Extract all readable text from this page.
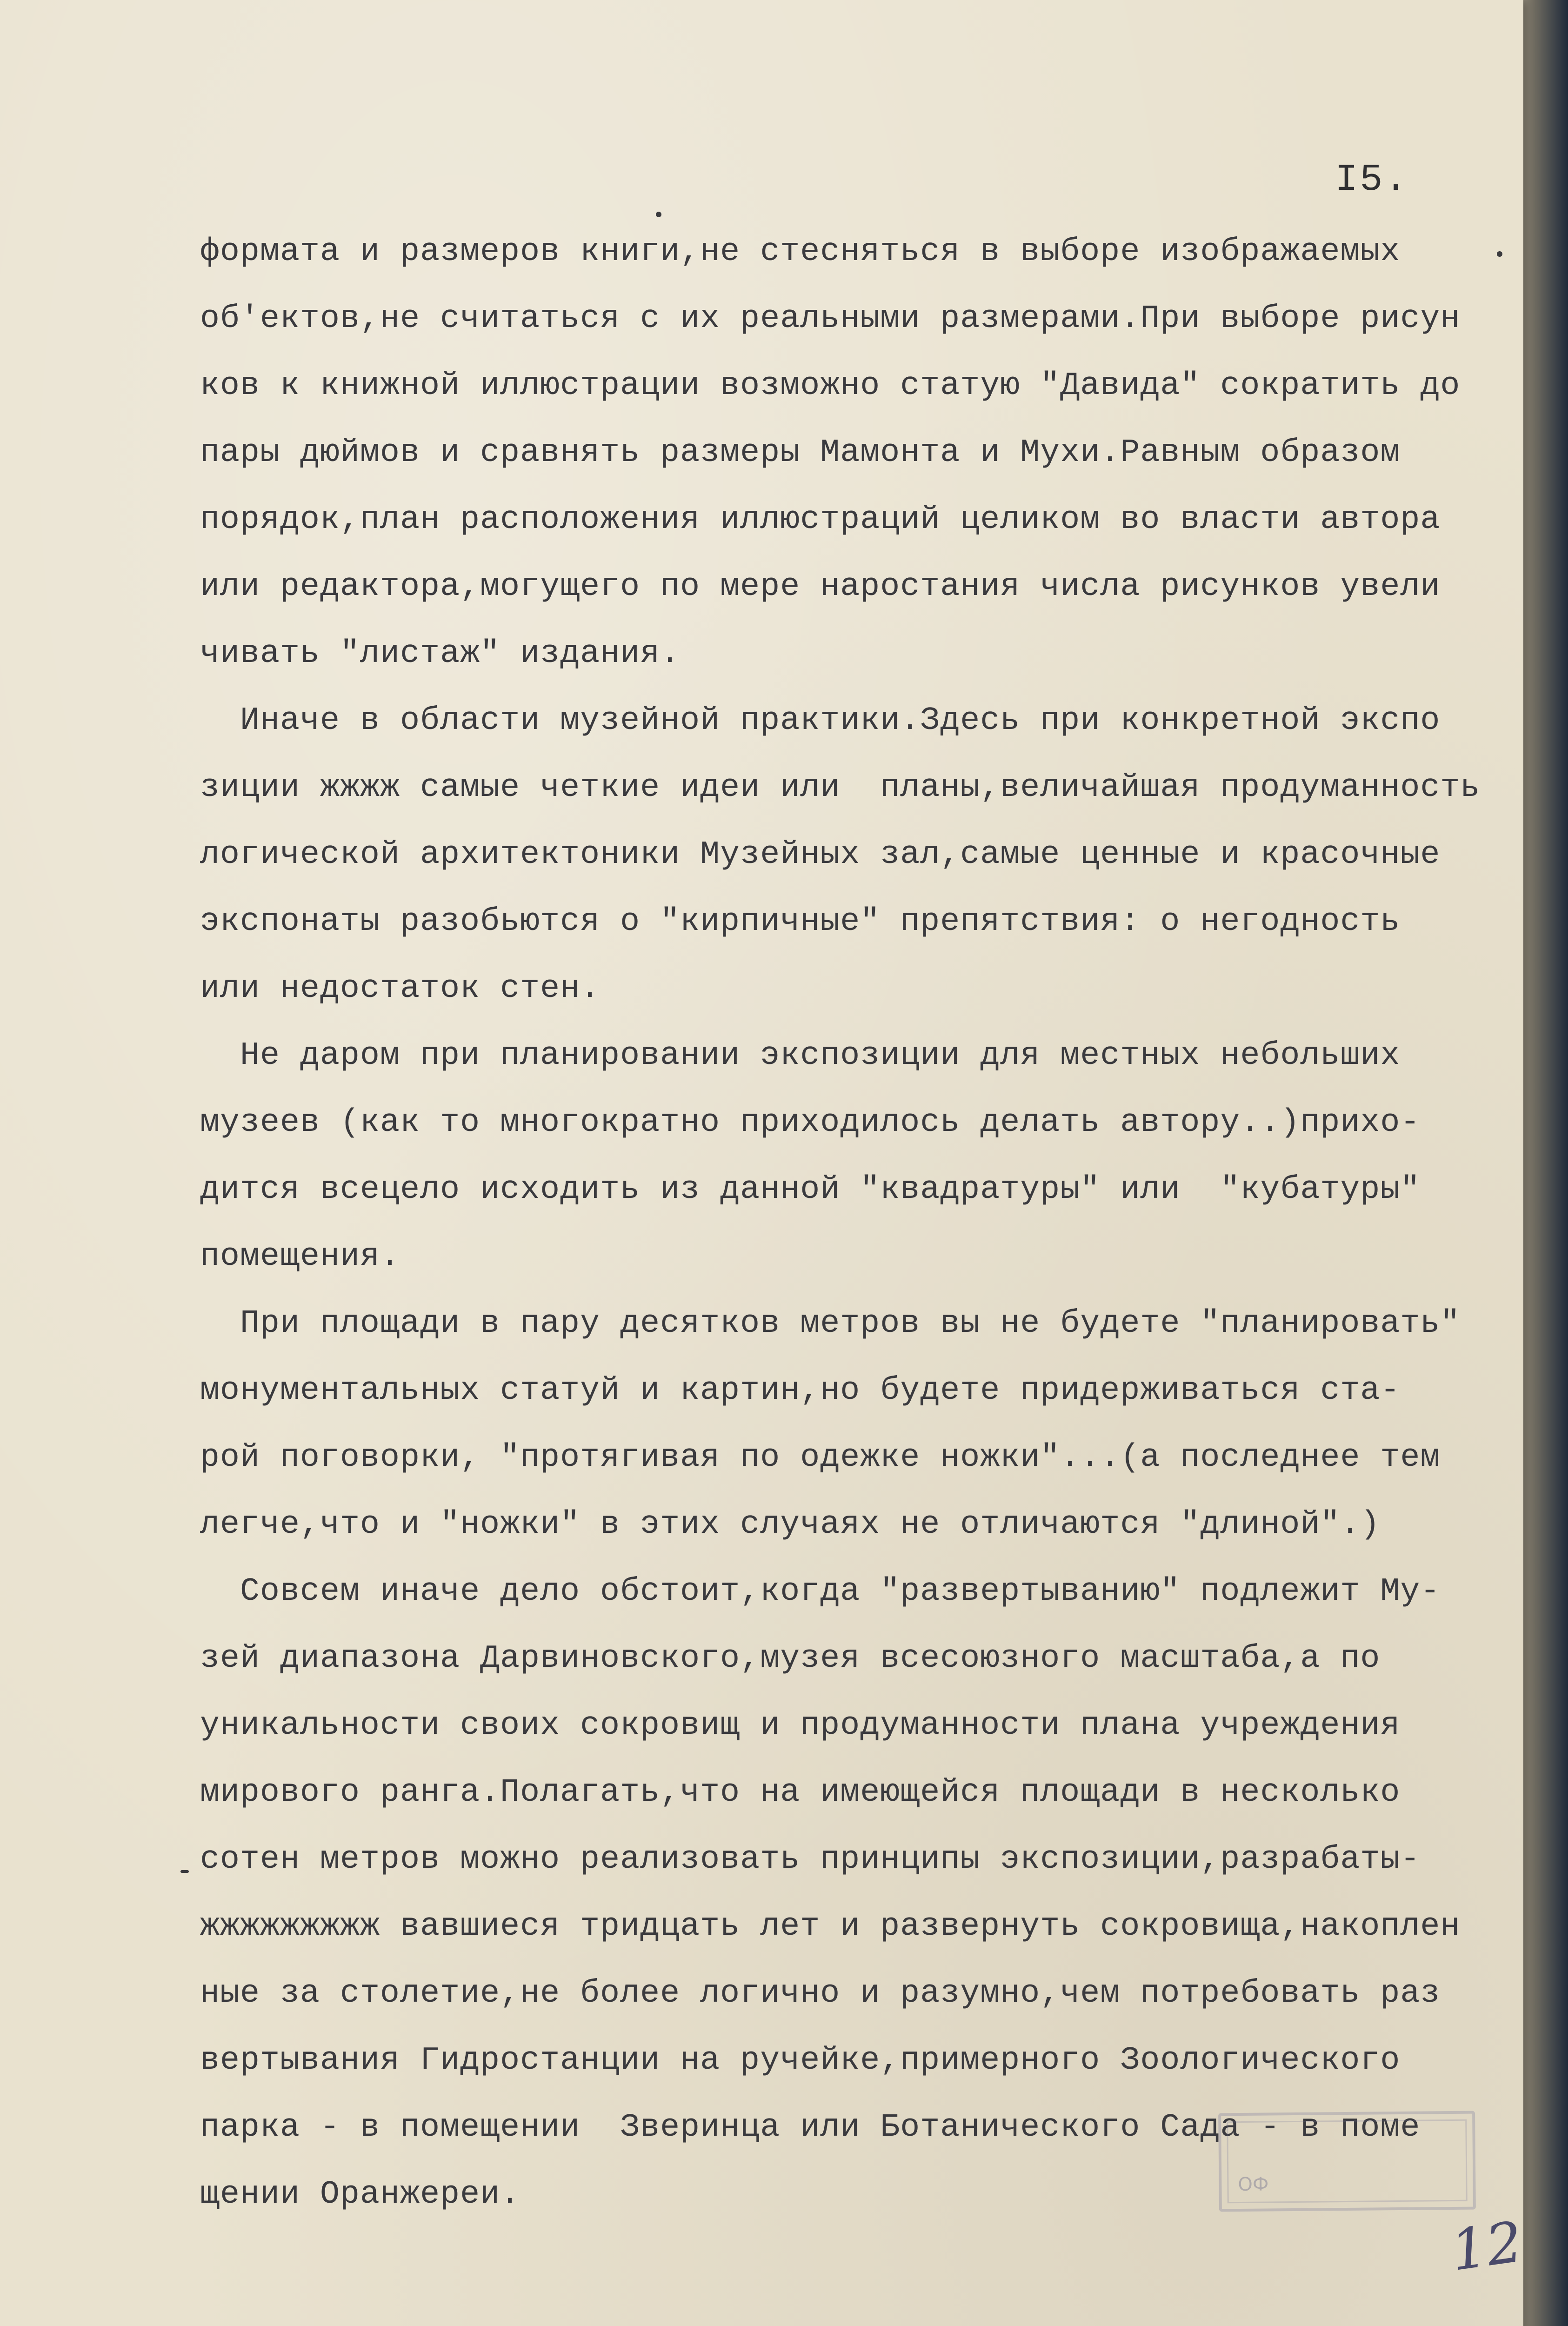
I5.
формата и размеров книги,не стесняться в выборе изображаемых
об'ектов,не считаться с их реальными размерами.При выборе рисун
ков к книжной иллюстрации возможно статую "Давида" сократить до
пары дюймов и сравнять размеры Мамонта и Мухи.Равным образом
порядок,план расположения иллюстраций целиком во власти автора
или редактора,могущего по мере наростания числа рисунков увели
чивать "листаж" издания.
Иначе в области музейной практики.Здесь при конкретной экспо
зиции жжжж самые четкие идеи или  планы,величайшая продуманность
логической архитектоники Музейных зал,самые ценные и красочные
экспонаты разобьются о "кирпичные" препятствия: о негодность
или недостаток стен.
Не даром при планировании экспозиции для местных небольших
музеев (как то многократно приходилось делать автору..)прихо-
дится всецело исходить из данной "квадратуры" или  "кубатуры"
помещения.
При площади в пару десятков метров вы не будете "планировать"
монументальных статуй и картин,но будете придерживаться ста-
рой поговорки, "протягивая по одежке ножки"...(а последнее тем
легче,что и "ножки" в этих случаях не отличаются "длиной".)
Совсем иначе дело обстоит,когда "развертыванию" подлежит Му-
зей диапазона Дарвиновского,музея всесоюзного масштаба,а по
уникальности своих сокровищ и продуманности плана учреждения
мирового ранга.Полагать,что на имеющейся площади в несколько
сотен метров можно реализовать принципы экспозиции,разрабаты-
жжжжжжжжж вавшиеся тридцать лет и развернуть сокровища,накоплен
ные за столетие,не более логично и разумно,чем потребовать раз
вертывания Гидростанции на ручейке,примерного Зоологического
парка - в помещении  Зверинца или Ботанического Сада - в поме
щении Оранжереи.	ФО
12
